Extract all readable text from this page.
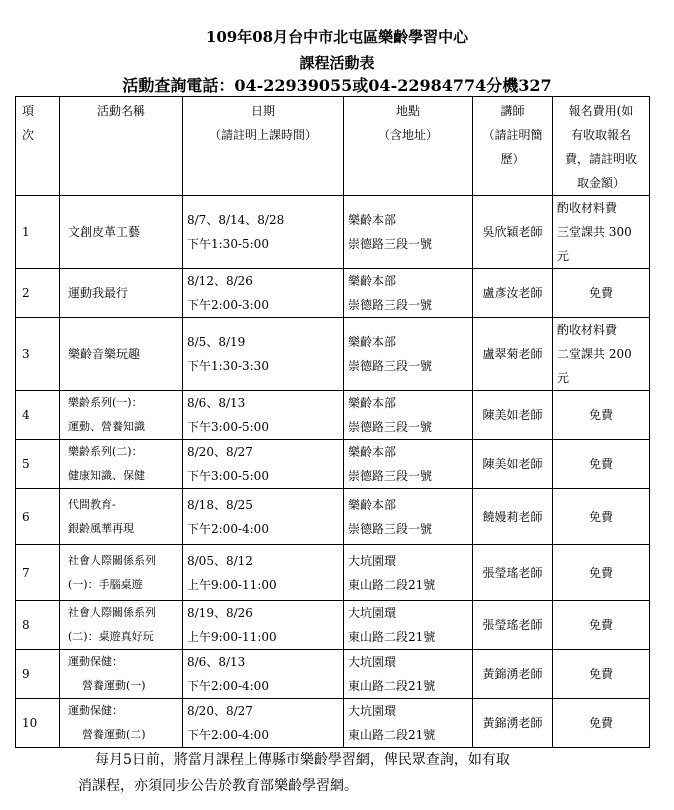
109年08月台中市北屯區樂齡學習中心
課程活動表
活動查詢電話：04-22939055或04-22984774分機327
項
次	活動名稱	日期
（請註明上課時間）	地點
（含地址）	講師
（請註明簡
歷）	報名費用(如
有收取報名
費，請註明收
取金額）

1	文創皮革工藝	8/7、8/14、8/28
下午1:30-5:00	樂齡本部
崇德路三段一號	吳欣穎老師	酌收材料費
三堂課共 300
元

2	運動我最行	8/12、8/26
下午2:00-3:00	樂齡本部
崇德路三段一號	盧彥汝老師	免費

3	樂齡音樂玩趣	8/5、8/19
下午1:30-3:30	樂齡本部
崇德路三段一號	盧翠菊老師	酌收材料費
二堂課共 200
元

4	樂齡系列(一)：
運動、營養知識	8/6、8/13
下午3:00-5:00	樂齡本部
崇德路三段一號	陳美如老師	免費

5	樂齡系列(二)：
健康知識、保健	8/20、8/27
下午3:00-5:00	樂齡本部
崇德路三段一號	陳美如老師	免費

6	代間教育-
銀齡風華再現	8/18、8/25
下午2:00-4:00	樂齡本部
崇德路三段一號	饒嫚莉老師	免費

7	社會人際關係系列
(一)：手腦桌遊	8/05、8/12
上午9:00-11:00	大坑園環
東山路二段21號	張瑩瑤老師	免費

8	社會人際關係系列
(二)：桌遊真好玩	8/19、8/26
上午9:00-11:00	大坑園環
東山路二段21號	張瑩瑤老師	免費

9	運動保健：
營養運動(一)	8/6、8/13
下午2:00-4:00	大坑園環
東山路二段21號	黃錦湧老師	免費

10	運動保健：
營養運動(二)	8/20、8/27
下午2:00-4:00	大坑園環
東山路二段21號	黃錦湧老師	免費
每月5日前，將當月課程上傳縣市樂齡學習網，俾民眾查詢，如有取
消課程，亦須同步公告於教育部樂齡學習網。
